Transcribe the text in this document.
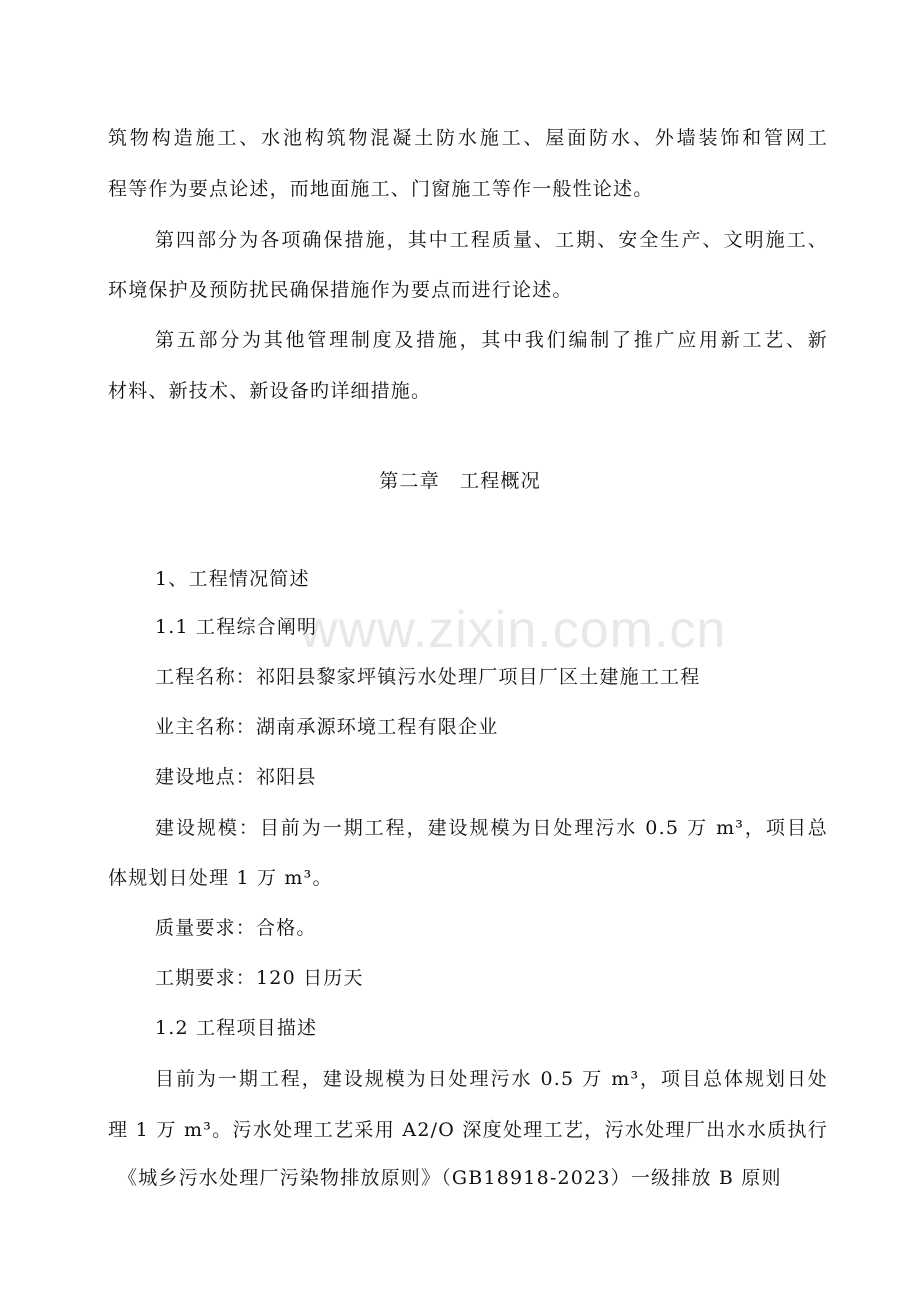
筑物构造施工、水池构筑物混凝土防水施工、屋面防水、外墙装饰和管网工
程等作为要点论述，而地面施工、门窗施工等作一般性论述。
第四部分为各项确保措施，其中工程质量、工期、安全生产、文明施工、
环境保护及预防扰民确保措施作为要点而进行论述。
第五部分为其他管理制度及措施，其中我们编制了推广应用新工艺、新
材料、新技术、新设备旳详细措施。
第二章　工程概况
www.zixin.com.cn
1、工程情况简述
1.1 工程综合阐明
工程名称：祁阳县黎家坪镇污水处理厂项目厂区土建施工工程
业主名称：湖南承源环境工程有限企业
建设地点：祁阳县
建设规模：目前为一期工程，建设规模为日处理污水 0.5 万 m³，项目总
体规划日处理 1 万 m³。
质量要求：合格。
工期要求：120 日历天
1.2 工程项目描述
目前为一期工程，建设规模为日处理污水 0.5 万 m³，项目总体规划日处
理 1 万 m³。污水处理工艺采用 A2/O 深度处理工艺，污水处理厂出水水质执行
《城乡污水处理厂污染物排放原则》（GB18918-2023）一级排放 B 原则
